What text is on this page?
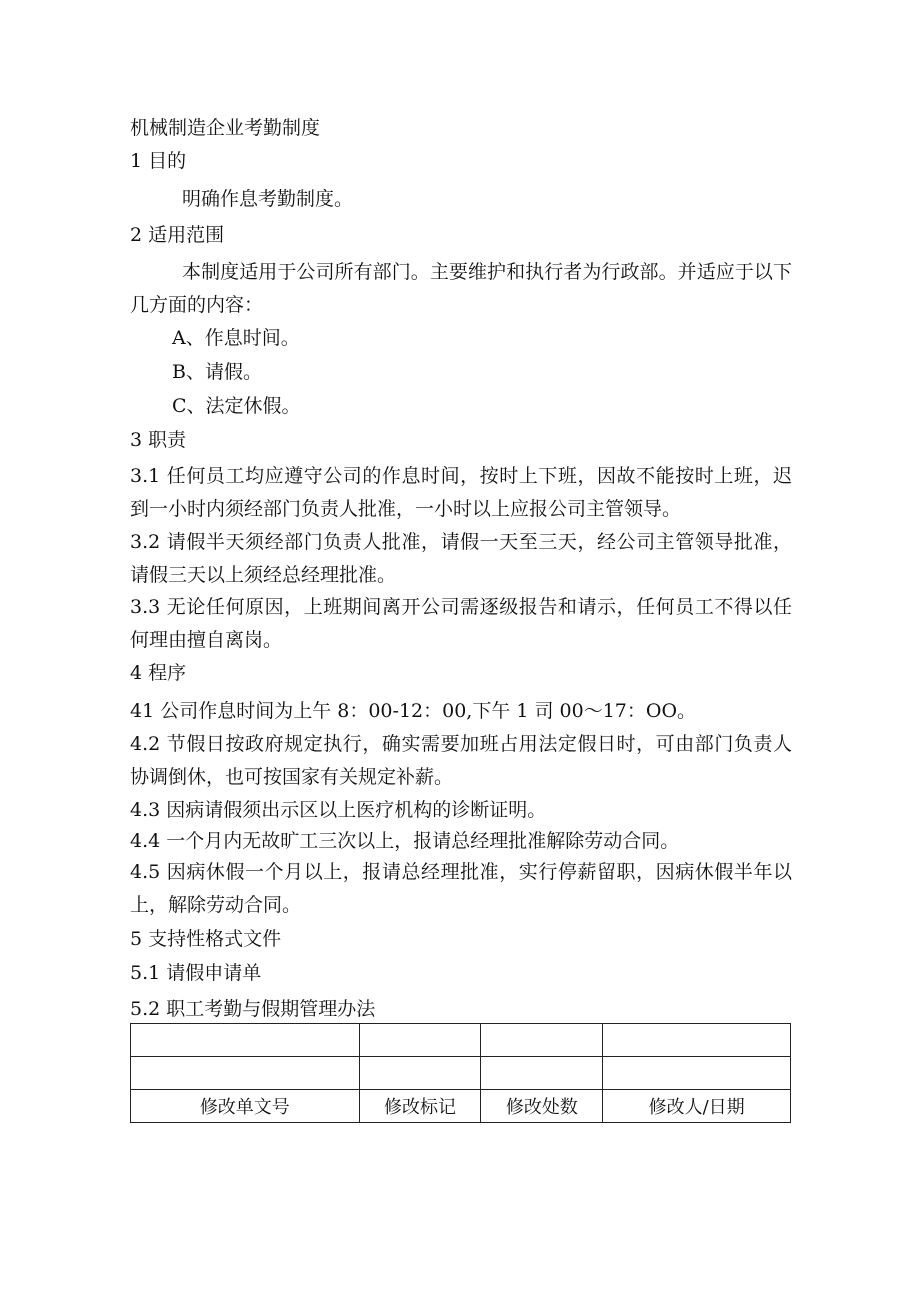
机械制造企业考勤制度
1 目的
明确作息考勤制度。
2 适用范围
本制度适用于公司所有部门。主要维护和执行者为行政部。并适应于以下几方面的内容：
A、作息时间。
B、请假。
C、法定休假。
3 职责
3.1 任何员工均应遵守公司的作息时间，按时上下班，因故不能按时上班，迟到一小时内须经部门负责人批准，一小时以上应报公司主管领导。
3.2 请假半天须经部门负责人批准，请假一天至三天，经公司主管领导批准，请假三天以上须经总经理批准。
3.3 无论任何原因，上班期间离开公司需逐级报告和请示，任何员工不得以任何理由擅自离岗。
4 程序
41 公司作息时间为上午 8：00-12：00,下午 1 司 00〜17：OO。
4.2 节假日按政府规定执行，确实需要加班占用法定假日时，可由部门负责人协调倒休，也可按国家有关规定补薪。
4.3 因病请假须出示区以上医疗机构的诊断证明。
4.4 一个月内无故旷工三次以上，报请总经理批准解除劳动合同。
4.5 因病休假一个月以上，报请总经理批准，实行停薪留职，因病休假半年以上，解除劳动合同。
5 支持性格式文件
5.1 请假申请单
5.2 职工考勤与假期管理办法

修改单文号	修改标记	修改处数	修改人/日期
